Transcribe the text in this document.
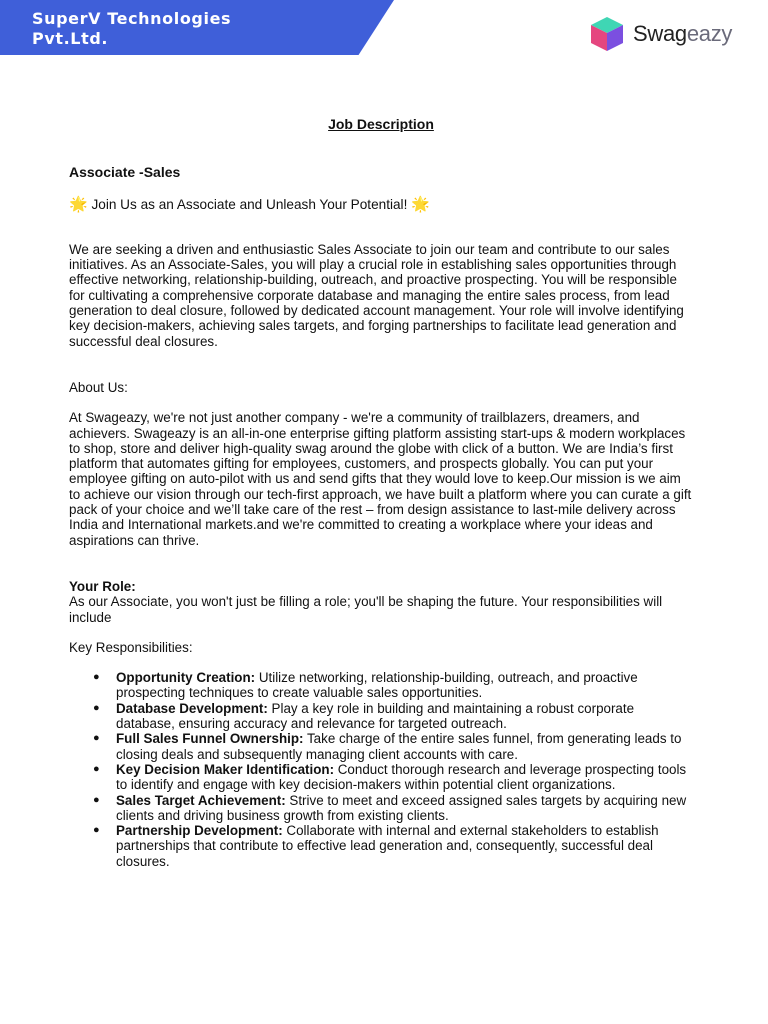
SuperV Technologies
Pvt.Ltd.	Swageazy

Job Description

Associate -Sales

🌟 Join Us as an Associate and Unleash Your Potential! 🌟

We are seeking a driven and enthusiastic Sales Associate to join our team and contribute to our sales initiatives. As an Associate-Sales, you will play a crucial role in establishing sales opportunities through effective networking, relationship-building, outreach, and proactive prospecting. You will be responsible for cultivating a comprehensive corporate database and managing the entire sales process, from lead generation to deal closure, followed by dedicated account management. Your role will involve identifying key decision-makers, achieving sales targets, and forging partnerships to facilitate lead generation and successful deal closures.

About Us:

At Swageazy, we're not just another company - we're a community of trailblazers, dreamers, and achievers. Swageazy is an all-in-one enterprise gifting platform assisting start-ups & modern workplaces to shop, store and deliver high-quality swag around the globe with click of a button. We are India’s first platform that automates gifting for employees, customers, and prospects globally. You can put your employee gifting on auto-pilot with us and send gifts that they would love to keep.Our mission is we aim to achieve our vision through our tech-first approach, we have built a platform where you can curate a gift pack of your choice and we’ll take care of the rest – from design assistance to last-mile delivery across India and International markets.and we're committed to creating a workplace where your ideas and aspirations can thrive.

Your Role:

As our Associate, you won't just be filling a role; you'll be shaping the future. Your responsibilities will include

Key Responsibilities:

● Opportunity Creation: Utilize networking, relationship-building, outreach, and proactive prospecting techniques to create valuable sales opportunities.
● Database Development: Play a key role in building and maintaining a robust corporate database, ensuring accuracy and relevance for targeted outreach.
● Full Sales Funnel Ownership: Take charge of the entire sales funnel, from generating leads to closing deals and subsequently managing client accounts with care.
● Key Decision Maker Identification: Conduct thorough research and leverage prospecting tools to identify and engage with key decision-makers within potential client organizations.
● Sales Target Achievement: Strive to meet and exceed assigned sales targets by acquiring new clients and driving business growth from existing clients.
● Partnership Development: Collaborate with internal and external stakeholders to establish partnerships that contribute to effective lead generation and, consequently, successful deal closures.
